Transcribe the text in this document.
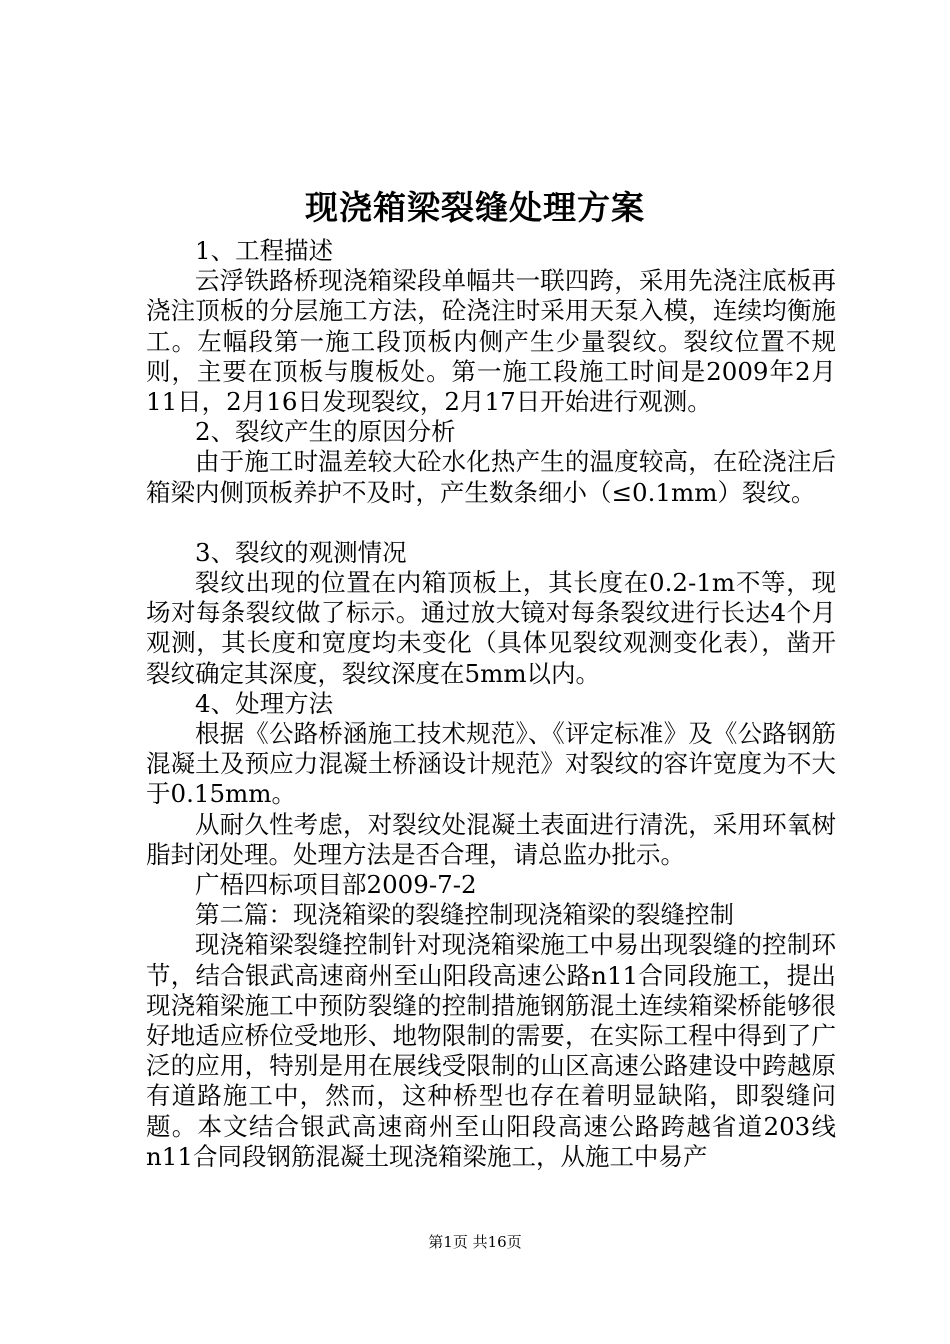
现浇箱梁裂缝处理方案

1、工程描述

云浮铁路桥现浇箱梁段单幅共一联四跨，采用先浇注底板再浇注顶板的分层施工方法，砼浇注时采用天泵入模，连续均衡施工。左幅段第一施工段顶板内侧产生少量裂纹。裂纹位置不规则，主要在顶板与腹板处。第一施工段施工时间是2009年2月11日，2月16日发现裂纹，2月17日开始进行观测。

2、裂纹产生的原因分析

由于施工时温差较大砼水化热产生的温度较高，在砼浇注后箱梁内侧顶板养护不及时，产生数条细小（≤0.1mm）裂纹。

3、裂纹的观测情况

裂纹出现的位置在内箱顶板上，其长度在0.2-1m不等，现场对每条裂纹做了标示。通过放大镜对每条裂纹进行长达4个月观测，其长度和宽度均未变化（具体见裂纹观测变化表），凿开裂纹确定其深度，裂纹深度在5mm以内。

4、处理方法

根据《公路桥涵施工技术规范》、《评定标准》及《公路钢筋混凝土及预应力混凝土桥涵设计规范》对裂纹的容许宽度为不大于0.15mm。

从耐久性考虑，对裂纹处混凝土表面进行清洗，采用环氧树脂封闭处理。处理方法是否合理，请总监办批示。

广梧四标项目部2009-7-2

第二篇：现浇箱梁的裂缝控制现浇箱梁的裂缝控制

现浇箱梁裂缝控制针对现浇箱梁施工中易出现裂缝的控制环节，结合银武高速商州至山阳段高速公路n11合同段施工，提出现浇箱梁施工中预防裂缝的控制措施钢筋混土连续箱梁桥能够很好地适应桥位受地形、地物限制的需要，在实际工程中得到了广泛的应用，特别是用在展线受限制的山区高速公路建设中跨越原有道路施工中，然而，这种桥型也存在着明显缺陷，即裂缝问题。本文结合银武高速商州至山阳段高速公路跨越省道203线n11合同段钢筋混凝土现浇箱梁施工，从施工中易产

第1页 共16页
